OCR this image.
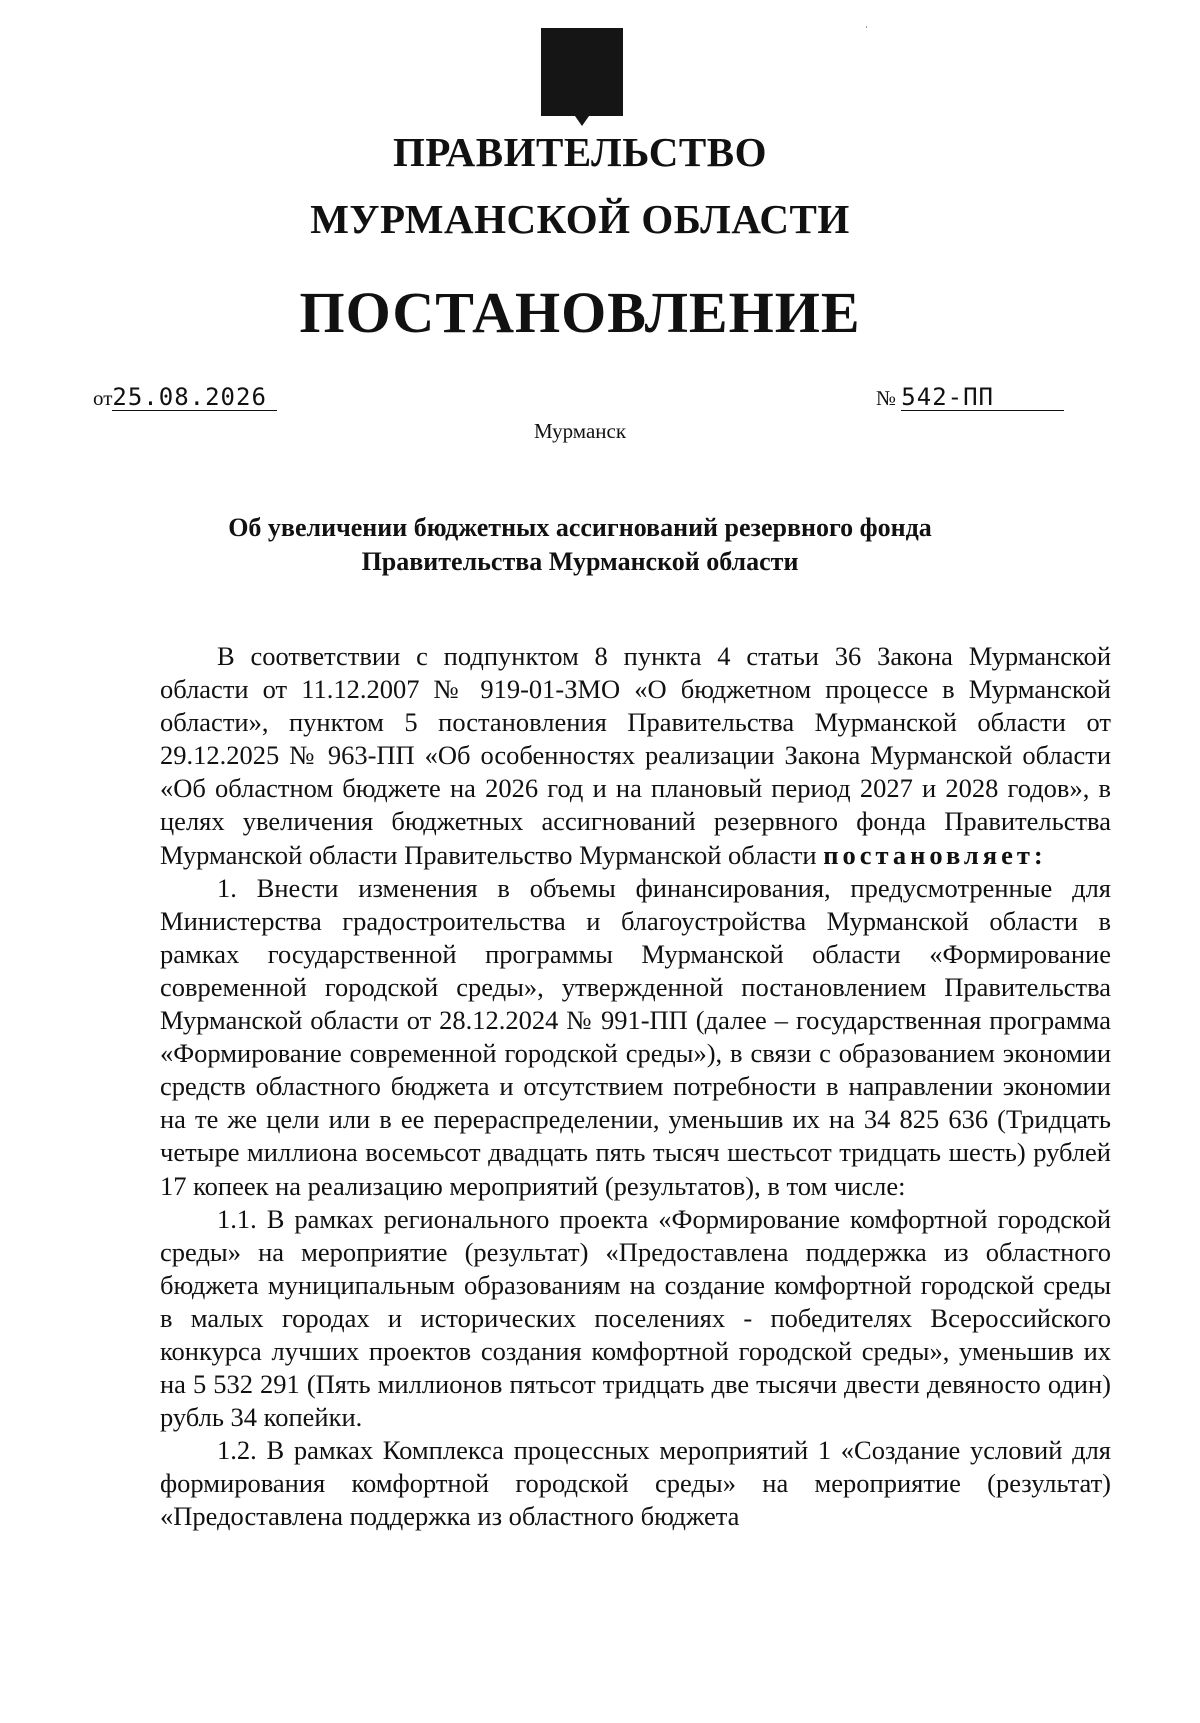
ПРАВИТЕЛЬСТВО
МУРМАНСКОЙ ОБЛАСТИ
ПОСТАНОВЛЕНИЕ
от25.08.2026	№ 542-ПП
Мурманск
Об увеличении бюджетных ассигнований резервного фонда
Правительства Мурманской области

В соответствии с подпунктом 8 пункта 4 статьи 36 Закона Мурманской области от 11.12.2007 № 919-01-ЗМО «О бюджетном процессе в Мурманской области», пунктом 5 постановления Правительства Мурманской области от 29.12.2025 № 963-ПП «Об особенностях реализации Закона Мурманской области «Об областном бюджете на 2026 год и на плановый период 2027 и 2028 годов», в целях увеличения бюджетных ассигнований резервного фонда Правительства Мурманской области Правительство Мурманской области постановляет:

1. Внести изменения в объемы финансирования, предусмотренные для Министерства градостроительства и благоустройства Мурманской области в рамках государственной программы Мурманской области «Формирование современной городской среды», утвержденной постановлением Правительства Мурманской области от 28.12.2024 № 991-ПП (далее – государственная программа «Формирование современной городской среды»), в связи с образованием экономии средств областного бюджета и отсутствием потребности в направлении экономии на те же цели или в ее перераспределении, уменьшив их на 34 825 636 (Тридцать четыре миллиона восемьсот двадцать пять тысяч шестьсот тридцать шесть) рублей 17 копеек на реализацию мероприятий (результатов), в том числе:

1.1. В рамках регионального проекта «Формирование комфортной городской среды» на мероприятие (результат) «Предоставлена поддержка из областного бюджета муниципальным образованиям на создание комфортной городской среды в малых городах и исторических поселениях - победителях Всероссийского конкурса лучших проектов создания комфортной городской среды», уменьшив их на 5 532 291 (Пять миллионов пятьсот тридцать две тысячи двести девяносто один) рубль 34 копейки.

1.2. В рамках Комплекса процессных мероприятий 1 «Создание условий для формирования комфортной городской среды» на мероприятие (результат) «Предоставлена поддержка из областного бюджета
